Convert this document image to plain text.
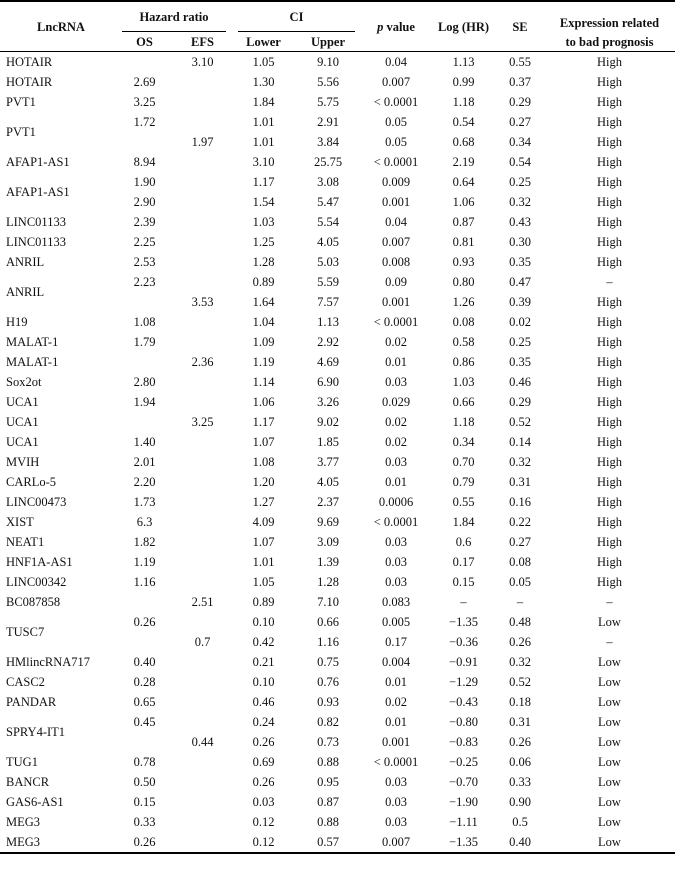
LncRNA	Hazard ratio		CI		p value	Log (HR)	SE	Expression related
	OS	EFS	Lower	Upper				to bad prognosis
HOTAIR		3.10	1.05	9.10	0.04	1.13	0.55	High
HOTAIR	2.69		1.30	5.56	0.007	0.99	0.37	High
PVT1	3.25		1.84	5.75	< 0.0001	1.18	0.29	High
PVT1	1.72		1.01	2.91	0.05	0.54	0.27	High
		1.97	1.01	3.84	0.05	0.68	0.34	High
AFAP1-AS1	8.94		3.10	25.75	< 0.0001	2.19	0.54	High
AFAP1-AS1	1.90		1.17	3.08	0.009	0.64	0.25	High
	2.90		1.54	5.47	0.001	1.06	0.32	High
LINC01133	2.39		1.03	5.54	0.04	0.87	0.43	High
LINC01133	2.25		1.25	4.05	0.007	0.81	0.30	High
ANRIL	2.53		1.28	5.03	0.008	0.93	0.35	High
ANRIL	2.23		0.89	5.59	0.09	0.80	0.47	–
		3.53	1.64	7.57	0.001	1.26	0.39	High
H19	1.08		1.04	1.13	< 0.0001	0.08	0.02	High
MALAT-1	1.79		1.09	2.92	0.02	0.58	0.25	High
MALAT-1		2.36	1.19	4.69	0.01	0.86	0.35	High
Sox2ot	2.80		1.14	6.90	0.03	1.03	0.46	High
UCA1	1.94		1.06	3.26	0.029	0.66	0.29	High
UCA1		3.25	1.17	9.02	0.02	1.18	0.52	High
UCA1	1.40		1.07	1.85	0.02	0.34	0.14	High
MVIH	2.01		1.08	3.77	0.03	0.70	0.32	High
CARLo-5	2.20		1.20	4.05	0.01	0.79	0.31	High
LINC00473	1.73		1.27	2.37	0.0006	0.55	0.16	High
XIST	6.3		4.09	9.69	< 0.0001	1.84	0.22	High
NEAT1	1.82		1.07	3.09	0.03	0.6	0.27	High
HNF1A-AS1	1.19		1.01	1.39	0.03	0.17	0.08	High
LINC00342	1.16		1.05	1.28	0.03	0.15	0.05	High
BC087858		2.51	0.89	7.10	0.083	–	–	–
TUSC7	0.26		0.10	0.66	0.005	−1.35	0.48	Low
		0.7	0.42	1.16	0.17	−0.36	0.26	–
HMlincRNA717	0.40		0.21	0.75	0.004	−0.91	0.32	Low
CASC2	0.28		0.10	0.76	0.01	−1.29	0.52	Low
PANDAR	0.65		0.46	0.93	0.02	−0.43	0.18	Low
SPRY4-IT1	0.45		0.24	0.82	0.01	−0.80	0.31	Low
		0.44	0.26	0.73	0.001	−0.83	0.26	Low
TUG1	0.78		0.69	0.88	< 0.0001	−0.25	0.06	Low
BANCR	0.50		0.26	0.95	0.03	−0.70	0.33	Low
GAS6-AS1	0.15		0.03	0.87	0.03	−1.90	0.90	Low
MEG3	0.33		0.12	0.88	0.03	−1.11	0.5	Low
MEG3	0.26		0.12	0.57	0.007	−1.35	0.40	Low
